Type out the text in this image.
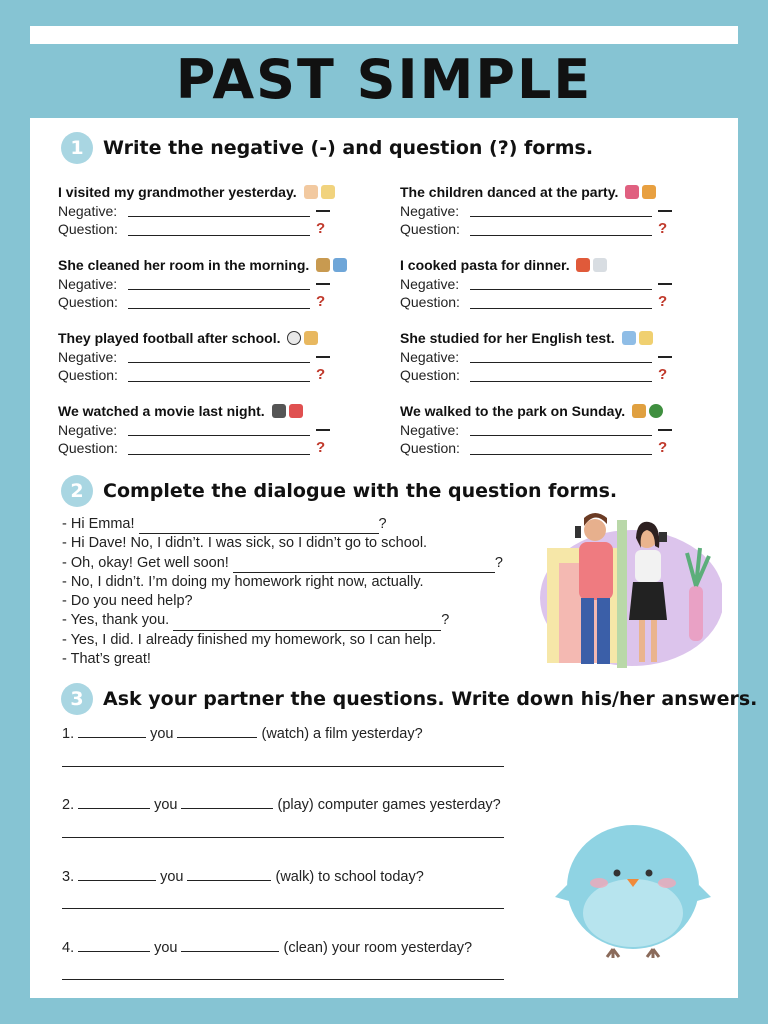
PAST SIMPLE
1	Write the negative (-) and question (?) forms.
I visited my grandmother yesterday.
Negative:
Question:	?
The children danced at the party.
Negative:
Question:	?
She cleaned her room in the morning.
Negative:
Question:	?
I cooked pasta for dinner.
Negative:
Question:	?
They played football after school.
Negative:
Question:	?
She studied for her English test.
Negative:
Question:	?
We watched a movie last night.
Negative:
Question:	?
We walked to the park on Sunday.
Negative:
Question:	?
2	Complete the dialogue with the question forms.
- Hi Emma!	?
- Hi Dave! No, I didn’t. I was sick, so I didn’t go to school.
- Oh, okay! Get well soon!	?
- No, I didn’t. I’m doing my homework right now, actually.
- Do you need help?
- Yes, thank you.	?
- Yes, I did. I already finished my homework, so I can help.
- That’s great!
3	Ask your partner the questions. Write down his/her answers.
1.	you	(watch) a film yesterday?
2.	you	(play) computer games yesterday?
3.	you	(walk) to school today?
4.	you	(clean) your room yesterday?
